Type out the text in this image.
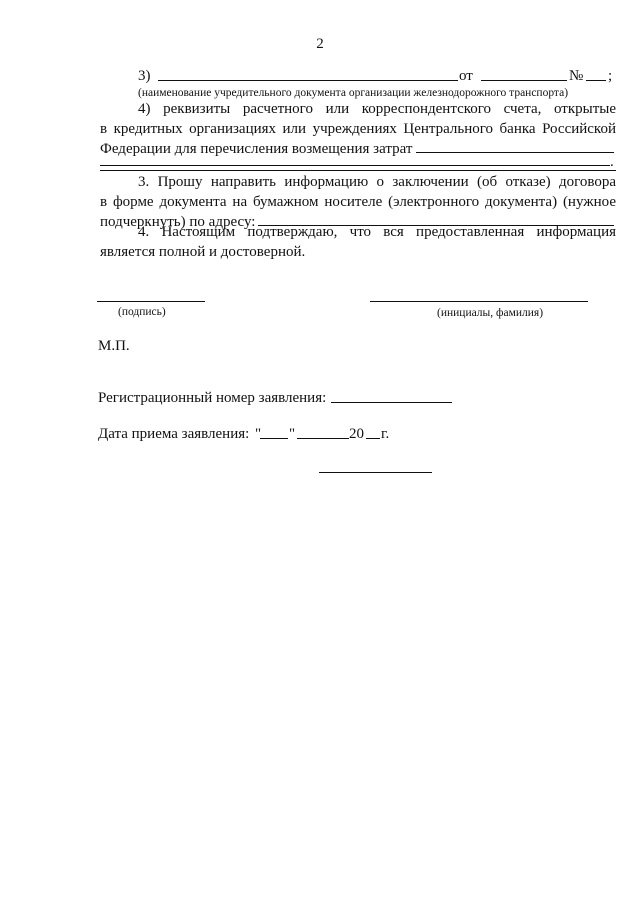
2
3)	от	№ ;
(наименование учредительного документа организации железнодорожного транспорта)
4) реквизиты расчетного или корреспондентского счета, открытые
в кредитных организациях или учреждениях Центрального банка Российской
Федерации для перечисления возмещения затрат
.
3. Прошу направить информацию о заключении (об отказе) договора
в форме документа на бумажном носителе (электронного документа) (нужное
подчеркнуть) по адресу:
4. Настоящим подтверждаю, что вся предоставленная информация
является полной и достоверной.
(подпись)	(инициалы, фамилия)
М.П.
Регистрационный номер заявления:
Дата приема заявления: " "	20 г.
